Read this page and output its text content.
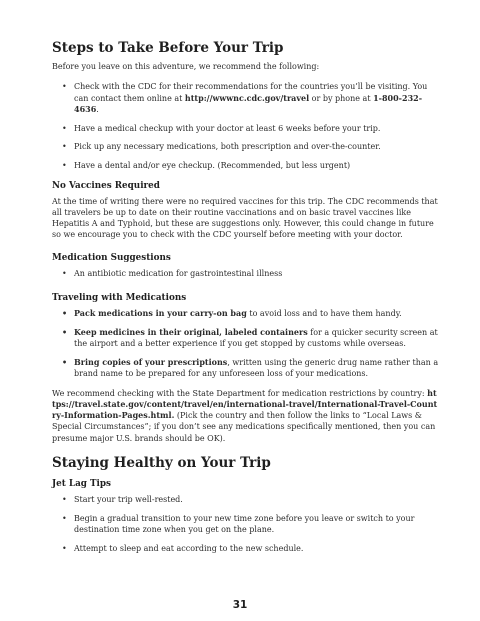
Steps to Take Before Your Trip

Before you leave on this adventure, we recommend the following:

• Check with the CDC for their recommendations for the countries you’ll be visiting. You can contact them online at http://wwwnc.cdc.gov/travel or by phone at 1-800-232-4636.
• Have a medical checkup with your doctor at least 6 weeks before your trip.
• Pick up any necessary medications, both prescription and over-the-counter.
• Have a dental and/or eye checkup. (Recommended, but less urgent)
No Vaccines Required

At the time of writing there were no required vaccines for this trip. The CDC recommends that all travelers be up to date on their routine vaccinations and on basic travel vaccines like Hepatitis A and Typhoid, but these are suggestions only. However, this could change in future so we encourage you to check with the CDC yourself before meeting with your doctor.

Medication Suggestions
• An antibiotic medication for gastrointestinal illness
Traveling with Medications
• Pack medications in your carry-on bag to avoid loss and to have them handy.
• Keep medicines in their original, labeled containers for a quicker security screen at the airport and a better experience if you get stopped by customs while overseas.
• Bring copies of your prescriptions, written using the generic drug name rather than a brand name to be prepared for any unforeseen loss of your medications.

We recommend checking with the State Department for medication restrictions by country: https://travel.state.gov/content/travel/en/international-travel/International-Travel-Country-Information-Pages.html. (Pick the country and then follow the links to “Local Laws & Special Circumstances”; if you don’t see any medications specifically mentioned, then you can presume major U.S. brands should be OK).

Staying Healthy on Your Trip
Jet Lag Tips
• Start your trip well-rested.
• Begin a gradual transition to your new time zone before you leave or switch to your destination time zone when you get on the plane.
• Attempt to sleep and eat according to the new schedule.
31
